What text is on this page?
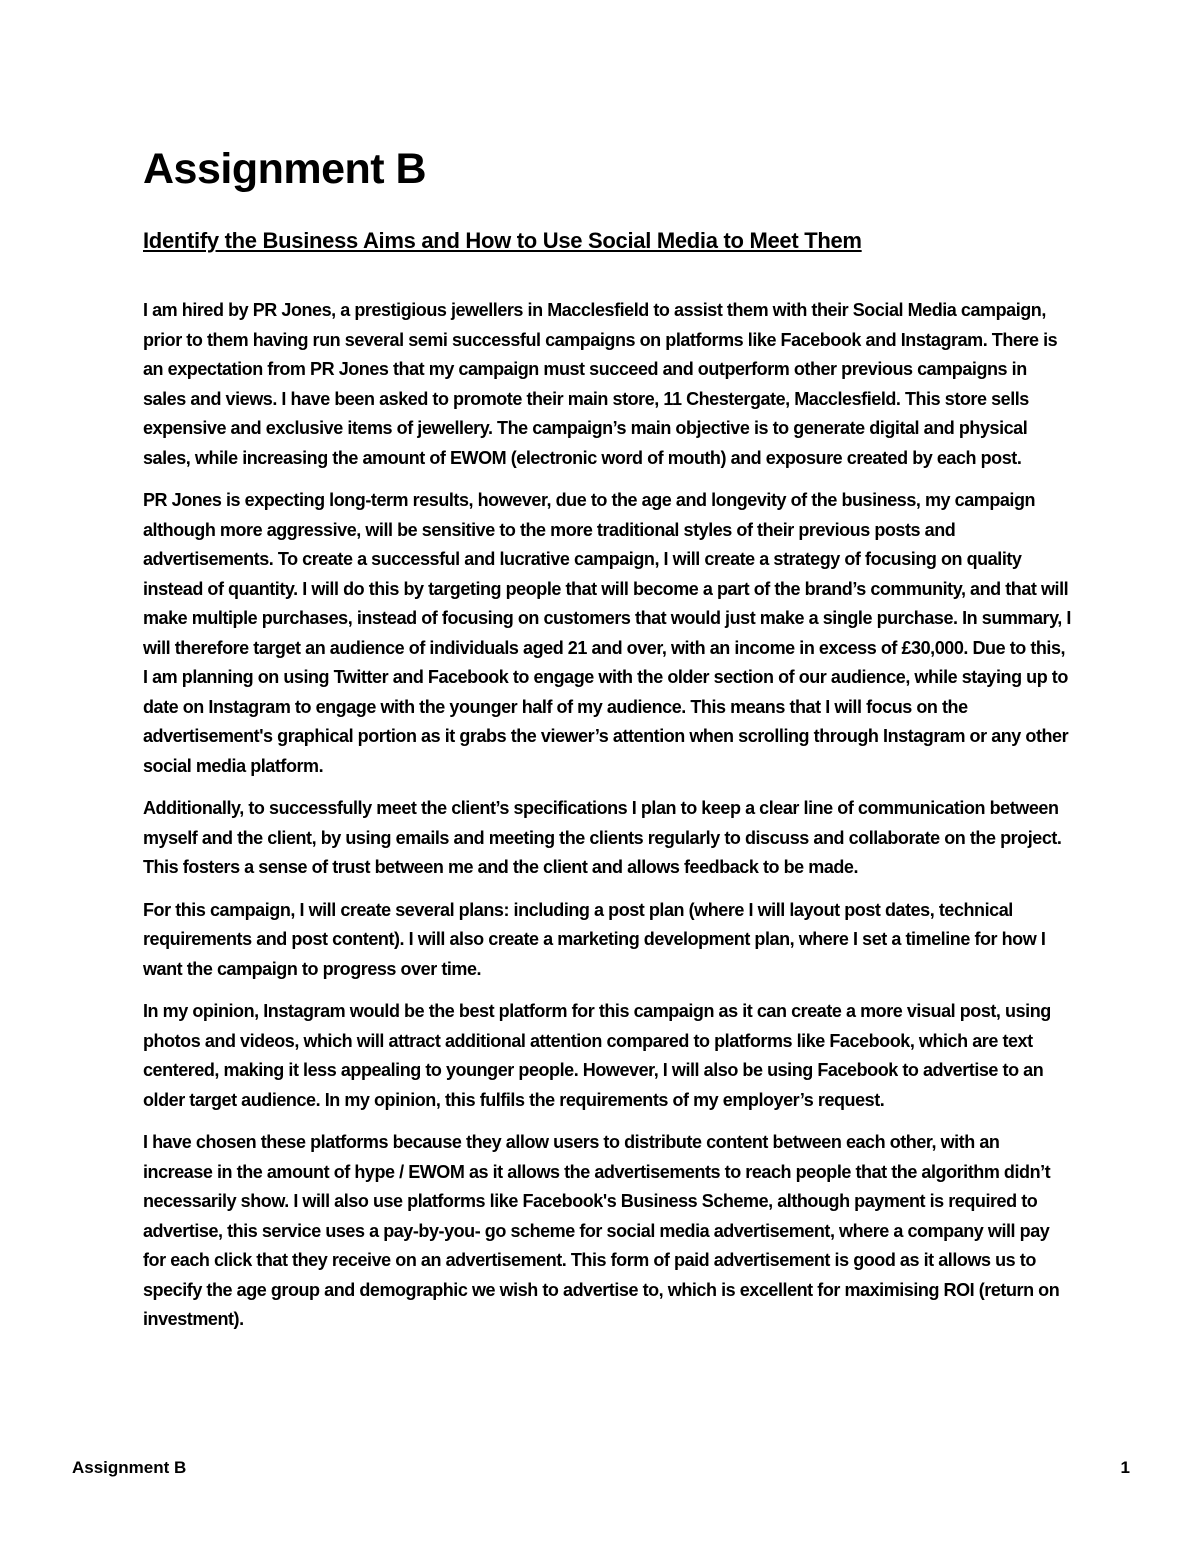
Assignment B
Identify the Business Aims and How to Use Social Media to Meet Them

I am hired by PR Jones, a prestigious jewellers in Macclesfield to assist them with their Social Media campaign, prior to them having run several semi successful campaigns on platforms like Facebook and Instagram. There is an expectation from PR Jones that my campaign must succeed and outperform other previous campaigns in sales and views. I have been asked to promote their main store, 11 Chestergate, Macclesfield. This store sells expensive and exclusive items of jewellery. The campaign’s main objective is to generate digital and physical sales, while increasing the amount of EWOM (electronic word of mouth) and exposure created by each post.

PR Jones is expecting long-term results, however, due to the age and longevity of the business, my campaign although more aggressive, will be sensitive to the more traditional styles of their previous posts and advertisements. To create a successful and lucrative campaign, I will create a strategy of focusing on quality instead of quantity. I will do this by targeting people that will become a part of the brand’s community, and that will make multiple purchases, instead of focusing on customers that would just make a single purchase. In summary, I will therefore target an audience of individuals aged 21 and over, with an income in excess of £30,000. Due to this, I am planning on using Twitter and Facebook to engage with the older section of our audience, while staying up to date on Instagram to engage with the younger half of my audience. This means that I will focus on the advertisement's graphical portion as it grabs the viewer’s attention when scrolling through Instagram or any other social media platform.

Additionally, to successfully meet the client’s specifications I plan to keep a clear line of communication between myself and the client, by using emails and meeting the clients regularly to discuss and collaborate on the project. This fosters a sense of trust between me and the client and allows feedback to be made.

For this campaign, I will create several plans: including a post plan (where I will layout post dates, technical requirements and post content). I will also create a marketing development plan, where I set a timeline for how I want the campaign to progress over time.

In my opinion, Instagram would be the best platform for this campaign as it can create a more visual post, using photos and videos, which will attract additional attention compared to platforms like Facebook, which are text centered, making it less appealing to younger people. However, I will also be using Facebook to advertise to an older target audience. In my opinion, this fulfils the requirements of my employer’s request.

I have chosen these platforms because they allow users to distribute content between each other, with an increase in the amount of hype / EWOM as it allows the advertisements to reach people that the algorithm didn’t necessarily show. I will also use platforms like Facebook's Business Scheme, although payment is required to advertise, this service uses a pay-by-you- go scheme for social media advertisement, where a company will pay for each click that they receive on an advertisement. This form of paid advertisement is good as it allows us to specify the age group and demographic we wish to advertise to, which is excellent for maximising ROI (return on investment).

Assignment B	1
